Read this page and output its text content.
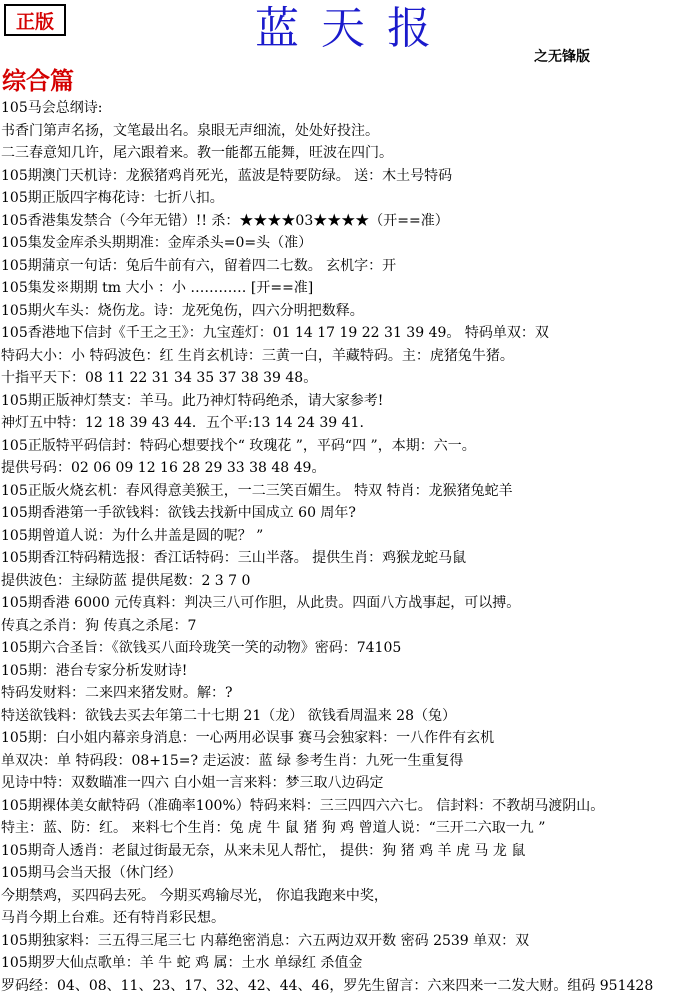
正版	蓝天报
之无锋版
综合篇
105马会总纲诗:
书香门第声名扬，文笔最出名。泉眼无声细流，处处好投注。
二三春意知几许，尾六跟着来。教一能都五能舞，旺波在四门。
105期澳门天机诗：龙猴猪鸡肖死光，蓝波是特要防绿。 送：木土号特码
105期正版四字梅花诗：七折八扣。
105香港集发禁合（今年无错）!! 杀：★★★★03★★★★（开==准）
105集发金库杀头期期准：金库杀头=0=头（准）
105期蒲京一句话：兔后牛前有六，留着四二七数。 玄机字：开
105集发※期期 tm 大小 ：小 ………… [开==准]
105期火车头：烧伤龙。诗：龙死兔伤，四六分明把数释。
105香港地下信封《千王之王》：九宝莲灯：01 14 17 19 22 31 39 49。 特码单双：双
特码大小：小 特码波色：红 生肖玄机诗：三黄一白，羊藏特码。主：虎猪兔牛猪。
十指平天下：08 11 22 31 34 35 37 38 39 48。
105期正版神灯禁支：羊马。此乃神灯特码绝杀，请大家参考!
神灯五中特：12 18 39 43 44．五个平:13 14 24 39 41.
105正版特平码信封：特码心想要找个“ 玫瑰花 ”，平码“四 ”，本期：六一。
提供号码：02 06 09 12 16 28 29 33 38 48 49。
105正版火烧玄机：春风得意美猴王，一二三笑百媚生。 特双 特肖：龙猴猪兔蛇羊
105期香港第一手欲钱料：欲钱去找新中国成立 60 周年?
105期曾道人说：为什么井盖是圆的呢？ ”
105期香江特码精选报：香江话特码：三山半落。 提供生肖：鸡猴龙蛇马鼠
提供波色：主绿防蓝 提供尾数：2 3 7 0
105期香港 6000 元传真料：判决三八可作胆，从此贵。四面八方战事起，可以搏。
传真之杀肖：狗 传真之杀尾：7
105期六合圣旨：《欲钱买八面玲珑笑一笑的动物》密码：74105
105期：港台专家分析发财诗!
特码发财料：二来四来猪发财。解：?
特送欲钱料：欲钱去买去年第二十七期 21（龙） 欲钱看周温来 28（兔）
105期：白小姐内幕亲身消息：一心两用必误事 赛马会独家料：一八作件有玄机
单双决：单 特码段：08+15=? 走运波：蓝 绿 参考生肖：九死一生重复得
见诗中特：双数瞄准一四六 白小姐一言来料：梦三取八边码定
105期裸体美女献特码（准确率100%）特码来料：三三四四六六七。 信封料：不教胡马渡阴山。
特主：蓝、防：红。 来料七个生肖：兔 虎 牛 鼠 猪 狗 鸡 曾道人说：“三开二六取一九 ”
105期奇人透肖：老鼠过街最无奈，从来未见人帮忙， 提供：狗 猪 鸡 羊 虎 马 龙 鼠
105期马会当天报（休门经）
今期禁鸡，买四码去死。 今期买鸡输尽光， 你追我跑来中奖，
马肖今期上台难。还有特肖彩民想。
105期独家料：三五得三尾三七 内幕绝密消息：六五两边双开数 密码 2539 单双：双
105期罗大仙点歌单：羊 牛 蛇 鸡 属：土水 单绿红 杀值金
罗码经：04、08、11、23、17、32、42、44、46，罗先生留言：六来四来一二发大财。组码 951428
